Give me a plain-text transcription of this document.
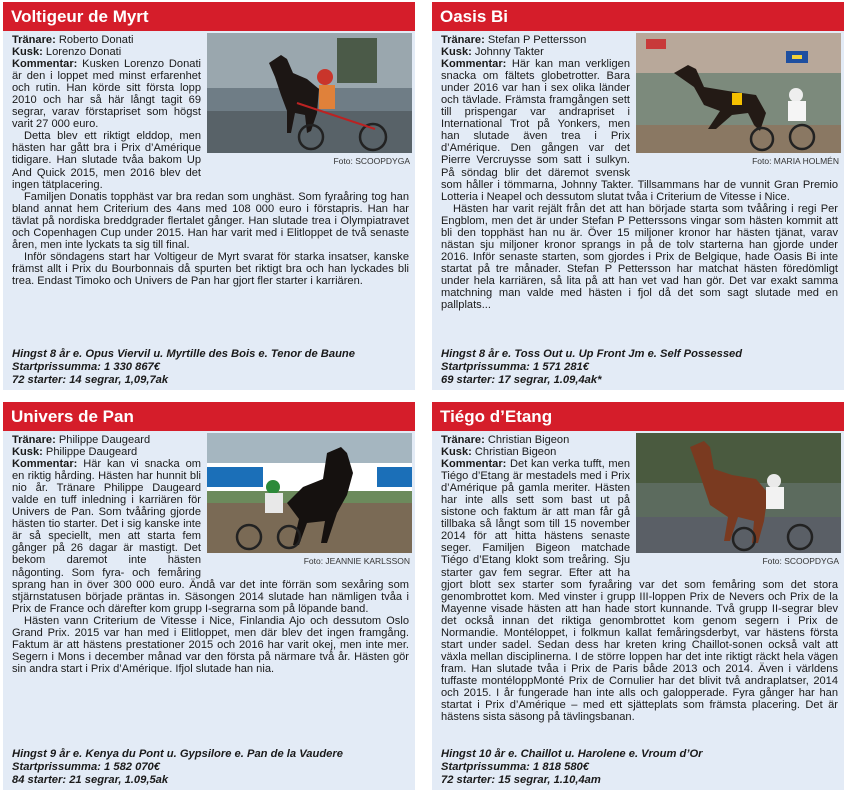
Voltigeur de Myrt
Foto: SCOOPDYGA
Tränare: Roberto Donati
Kusk: Lorenzo Donati

Kommentar: Kusken Lorenzo Donati är den i loppet med minst erfarenhet och rutin. Han körde sitt första lopp 2010 och har så här långt tagit 69 segrar, varav förstapriset som högst varit 27 000 euro.

Detta blev ett riktigt elddop, men hästen har gått bra i Prix d’Amérique tidigare. Han slutade tvåa bakom Up And Quick 2015, men 2016 blev det ingen tätplacering.

Familjen Donatis topphäst var bra redan som unghäst. Som fyraåring tog han bland annat hem Criterium des 4ans med 108 000 euro i förstapris. Han har tävlat på nordiska breddgrader flertalet gånger. Han slutade trea i Olympiatravet och Copenhagen Cup under 2015. Han har varit med i Elitloppet de två senaste åren, men inte lyckats ta sig till final.

Inför söndagens start har Voltigeur de Myrt svarat för starka insatser, kanske främst allt i Prix du Bourbonnais då spurten bet riktigt bra och han lyckades bli trea. Endast Timoko och Univers de Pan har gjort fler starter i karriären.

Hingst 8 år e. Opus Viervil u. Myrtille des Bois e. Tenor de Baune
Startprissumma: 1 330 867€
72 starter: 14 segrar, 1,09,7ak
Oasis Bi
Foto: MARIA HOLMÉN
Tränare: Stefan P Pettersson
Kusk: Johnny Takter

Kommentar: Här kan man verkligen snacka om fältets globetrotter. Bara under 2016 var han i sex olika länder och tävlade. Främsta framgången sett till prispengar var andrapriset i International Trot på Yonkers, men han slutade även trea i Prix d’Amérique. Den gången var det Pierre Vercruysse som satt i sulkyn. På söndag blir det däremot svensk som håller i tömmarna, Johnny Takter. Tillsammans har de vunnit Gran Premio Lotteria i Neapel och dessutom slutat tvåa i Criterium de Vitesse i Nice.

Hästen har varit rejält från det att han började starta som tvååring i regi Per Engblom, men det är under Stefan P Petterssons vingar som hästen kommit att bli den topphäst han nu är. Över 15 miljoner kronor har hästen tjänat, varav nästan sju miljoner kronor sprangs in på de tolv starterna han gjorde under 2016. Inför senaste starten, som gjordes i Prix de Belgique, hade Oasis Bi inte startat på tre månader. Stefan P Pettersson har matchat hästen föredömligt under hela karriären, så lita på att han vet vad han gör. Det var exakt samma matchning man valde med hästen i fjol då det som sagt slutade med en pallplats...

Hingst 8 år e. Toss Out u. Up Front Jm e. Self Possessed
Startprissumma: 1 571 281€
69 starter: 17 segrar, 1.09,4ak*
Univers de Pan
Foto: JEANNIE KARLSSON
Tränare: Philippe Daugeard
Kusk: Philippe Daugeard

Kommentar: Här kan vi snacka om en riktig hårding. Hästen har hunnit bli nio år. Tränare Philippe Daugeard valde en tuff inledning i karriären för Univers de Pan. Som tvååring gjorde hästen tio starter. Det i sig kanske inte är så speciellt, men att starta fem gånger på 26 dagar är mastigt. Det bekom daremot inte hästen någonting. Som fyra- och femåring sprang han in över 300 000 euro. Ändå var det inte förrän som sexåring som stjärnstatusen började präntas in. Säsongen 2014 slutade han nämligen tvåa i Prix de France och därefter kom grupp I-segrarna som på löpande band.

Hästen vann Criterium de Vitesse i Nice, Finlandia Ajo och dessutom Oslo Grand Prix. 2015 var han med i Elitloppet, men där blev det ingen framgång. Faktum är att hästens prestationer 2015 och 2016 har varit okej, men inte mer. Segern i Mons i december månad var den första på närmare två år. Hästen gör sin andra start i Prix d’Amérique. Ifjol slutade han nia.

Hingst 9 år e. Kenya du Pont u. Gypsilore e. Pan de la Vaudere
Startprissumma: 1 582 070€
84 starter: 21 segrar, 1.09,5ak
Tiégo d’Etang
Foto: SCOOPDYGA
Tränare: Christian Bigeon
Kusk: Christian Bigeon

Kommentar: Det kan verka tufft, men Tiégo d’Etang är mestadels med i Prix d’Amérique på gamla meriter. Hästen har inte alls sett som bast ut på sistone och faktum är att man får gå tillbaka så långt som till 15 november 2014 för att hitta hästens senaste seger. Familjen Bigeon matchade Tiégo d’Etang klokt som treåring. Sju starter gav fem segrar. Efter att ha gjort blott sex starter som fyraåring var det som femåring som det stora genombrottet kom. Med vinster i grupp III-loppen Prix de Nevers och Prix de la Mayenne visade hästen att han hade stort kunnande. Två grupp II-segrar blev det också innan det riktiga genombrottet kom genom segern i Prix de Normandie. Montéloppet, i folkmun kallat femåringsderbyt, var hästens första start under sadel. Sedan dess har kreten kring Chaillot-sonen också valt att växla mellan disciplinerna. I de större loppen har det inte riktigt räckt hela vägen fram. Han slutade tvåa i Prix de Paris både 2013 och 2014. Även i världens tuffaste montéloppMonté Prix de Cornulier har det blivit två andraplatser, 2014 och 2015. I år fungerade han inte alls och galopperade. Fyra gånger har han startat i Prix d’Amérique – med ett sjätteplats som främsta placering. Det är hästens sista säsong på tävlingsbanan.

Hingst 10 år e. Chaillot u. Harolene e. Vroum d’Or
Startprissumma: 1 818 580€
72 starter: 15 segrar, 1.10,4am
